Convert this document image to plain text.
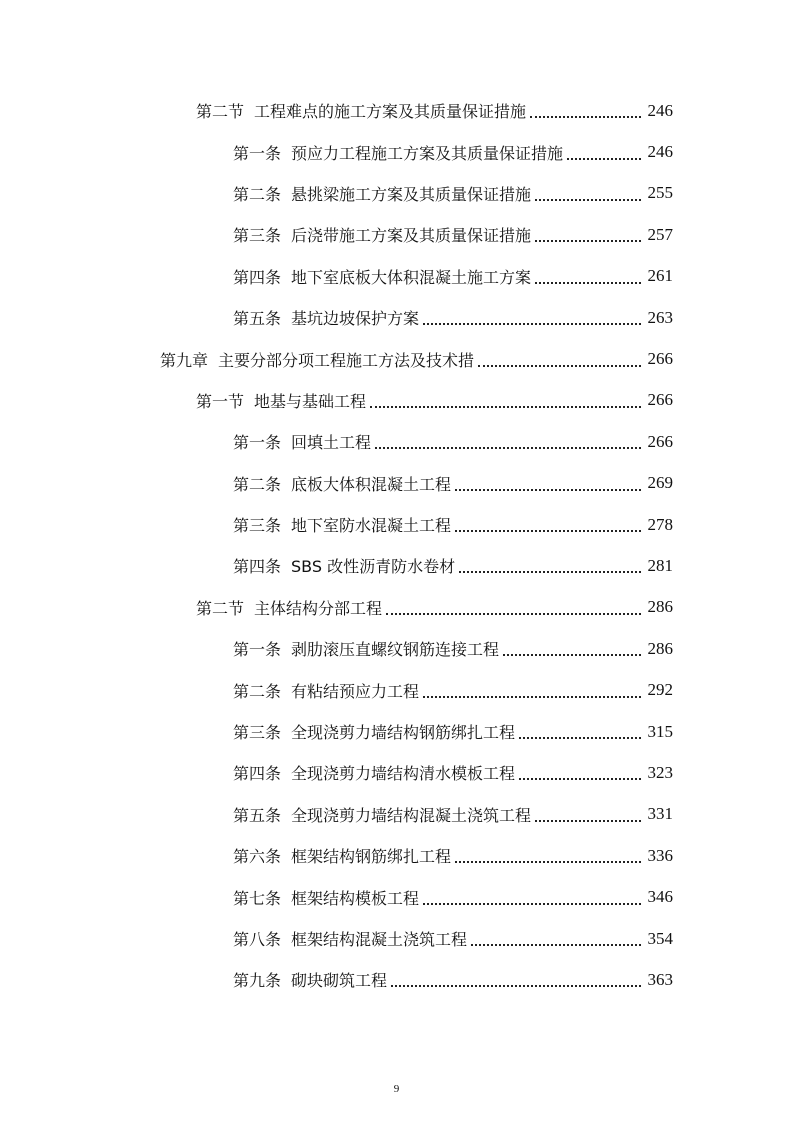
第二节 工程难点的施工方案及其质量保证措施	246
第一条 预应力工程施工方案及其质量保证措施	246
第二条 悬挑梁施工方案及其质量保证措施	255
第三条 后浇带施工方案及其质量保证措施	257
第四条 地下室底板大体积混凝土施工方案	261
第五条 基坑边坡保护方案	263
第九章 主要分部分项工程施工方法及技术措	266
第一节 地基与基础工程	266
第一条 回填土工程	266
第二条 底板大体积混凝土工程	269
第三条 地下室防水混凝土工程	278
第四条 SBS 改性沥青防水卷材	281
第二节 主体结构分部工程	286
第一条 剥肋滚压直螺纹钢筋连接工程	286
第二条 有粘结预应力工程	292
第三条 全现浇剪力墙结构钢筋绑扎工程	315
第四条 全现浇剪力墙结构清水模板工程	323
第五条 全现浇剪力墙结构混凝土浇筑工程	331
第六条 框架结构钢筋绑扎工程	336
第七条 框架结构模板工程	346
第八条 框架结构混凝土浇筑工程	354
第九条 砌块砌筑工程	363
9
